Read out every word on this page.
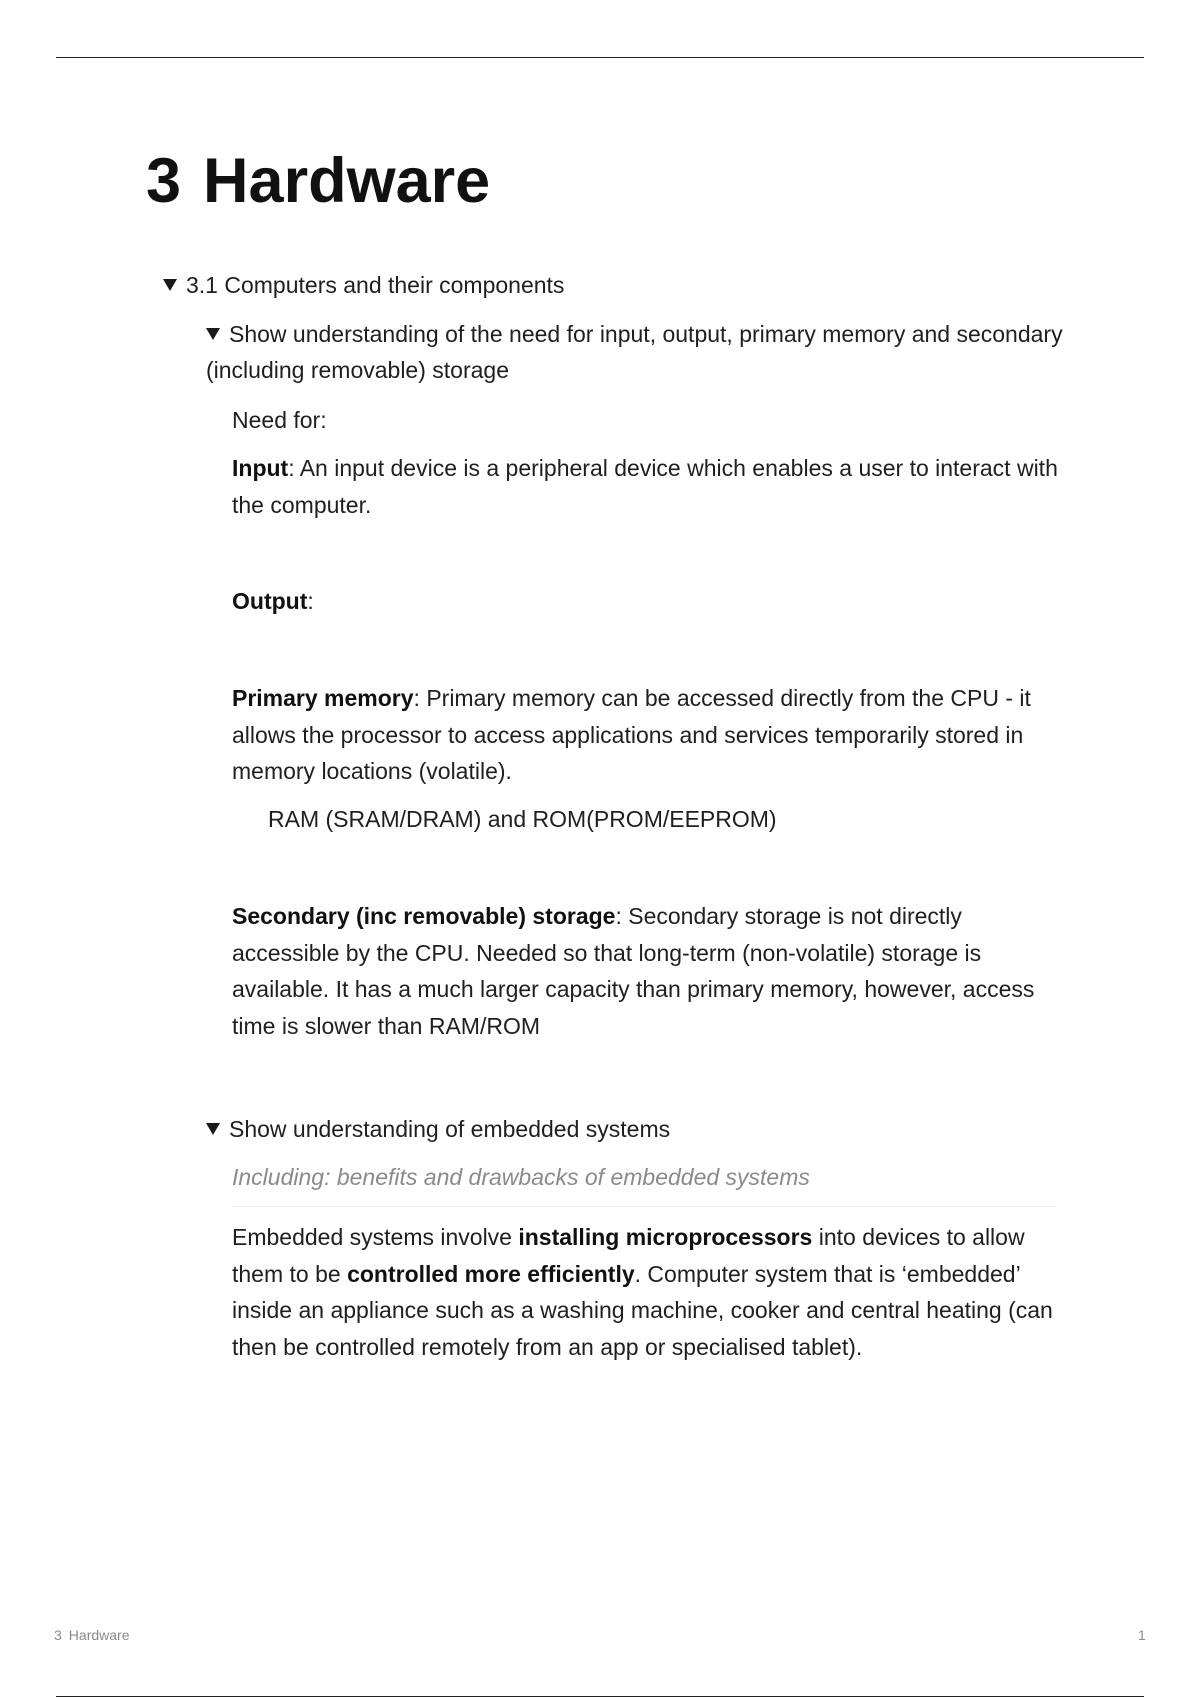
3 Hardware
3.1 Computers and their components
Show understanding of the need for input, output, primary memory and secondary (including removable) storage

Need for:

Input: An input device is a peripheral device which enables a user to interact with the computer.

Output:

Primary memory: Primary memory can be accessed directly from the CPU - it allows the processor to access applications and services temporarily stored in memory locations (volatile).

RAM (SRAM/DRAM) and ROM(PROM/EEPROM)

Secondary (inc removable) storage: Secondary storage is not directly accessible by the CPU. Needed so that long-term (non-volatile) storage is available. It has a much larger capacity than primary memory, however, access time is slower than RAM/ROM

Show understanding of embedded systems

Including: benefits and drawbacks of embedded systems

Embedded systems involve installing microprocessors into devices to allow them to be controlled more efficiently. Computer system that is ‘embedded’ inside an appliance such as a washing machine, cooker and central heating (can then be controlled remotely from an app or specialised tablet).

3 Hardware	1
